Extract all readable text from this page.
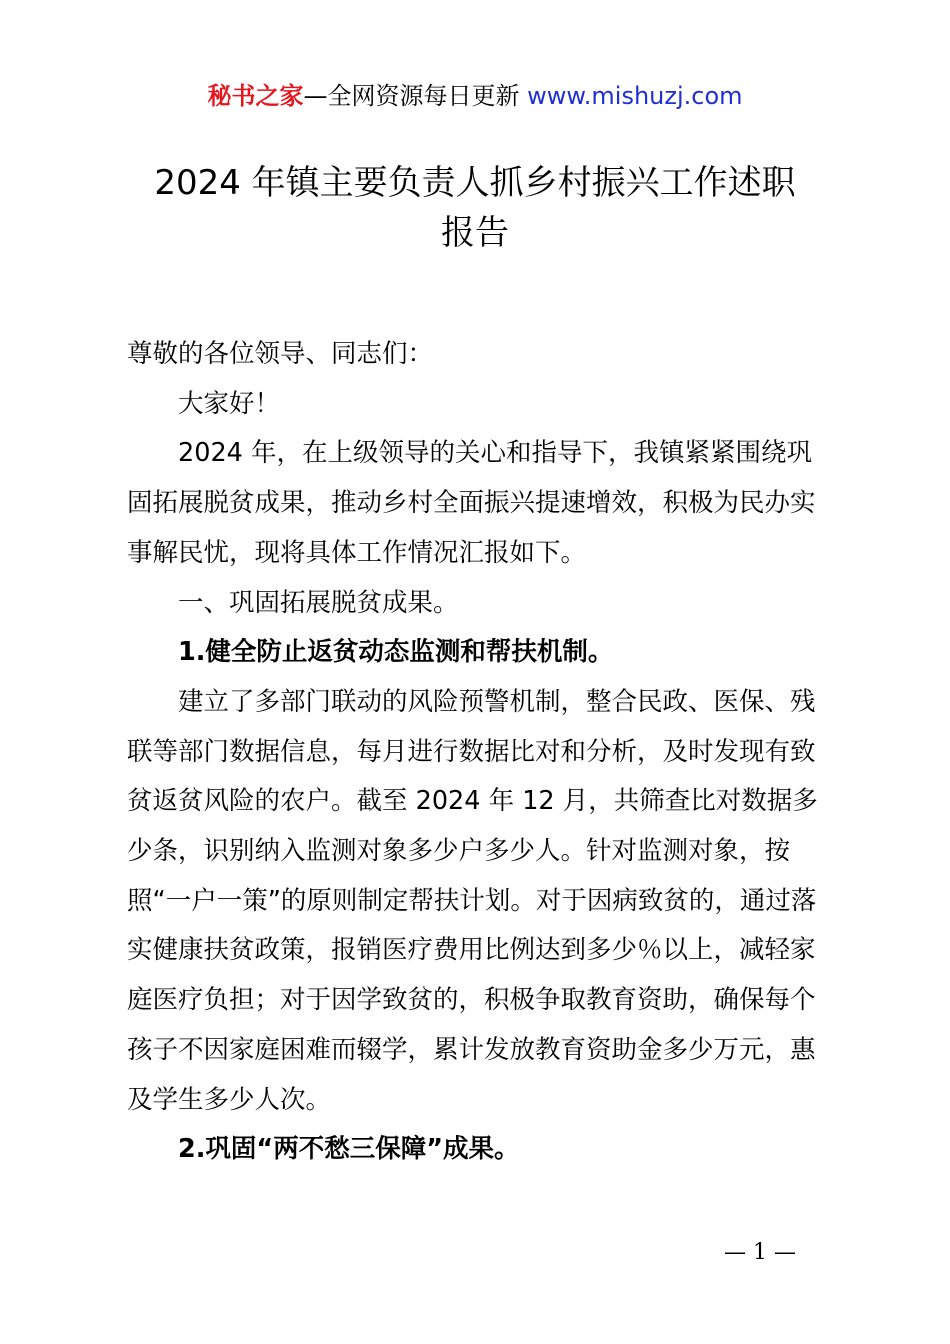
秘书之家—全网资源每日更新 www.mishuzj.com
2024 年镇主要负责人抓乡村振兴工作述职
报告

尊敬的各位领导、同志们：

大家好！

2024 年，在上级领导的关心和指导下，我镇紧紧围绕巩固拓展脱贫成果，推动乡村全面振兴提速增效，积极为民办实事解民忧，现将具体工作情况汇报如下。

一、巩固拓展脱贫成果。

1.健全防止返贫动态监测和帮扶机制。

建立了多部门联动的风险预警机制，整合民政、医保、残联等部门数据信息，每月进行数据比对和分析，及时发现有致贫返贫风险的农户。截至 2024 年 12 月，共筛查比对数据多少条，识别纳入监测对象多少户多少人。针对监测对象，按照“一户一策”的原则制定帮扶计划。对于因病致贫的，通过落实健康扶贫政策，报销医疗费用比例达到多少％以上，减轻家庭医疗负担；对于因学致贫的，积极争取教育资助，确保每个孩子不因家庭困难而辍学，累计发放教育资助金多少万元，惠及学生多少人次。

2.巩固“两不愁三保障”成果。

— 1 —
